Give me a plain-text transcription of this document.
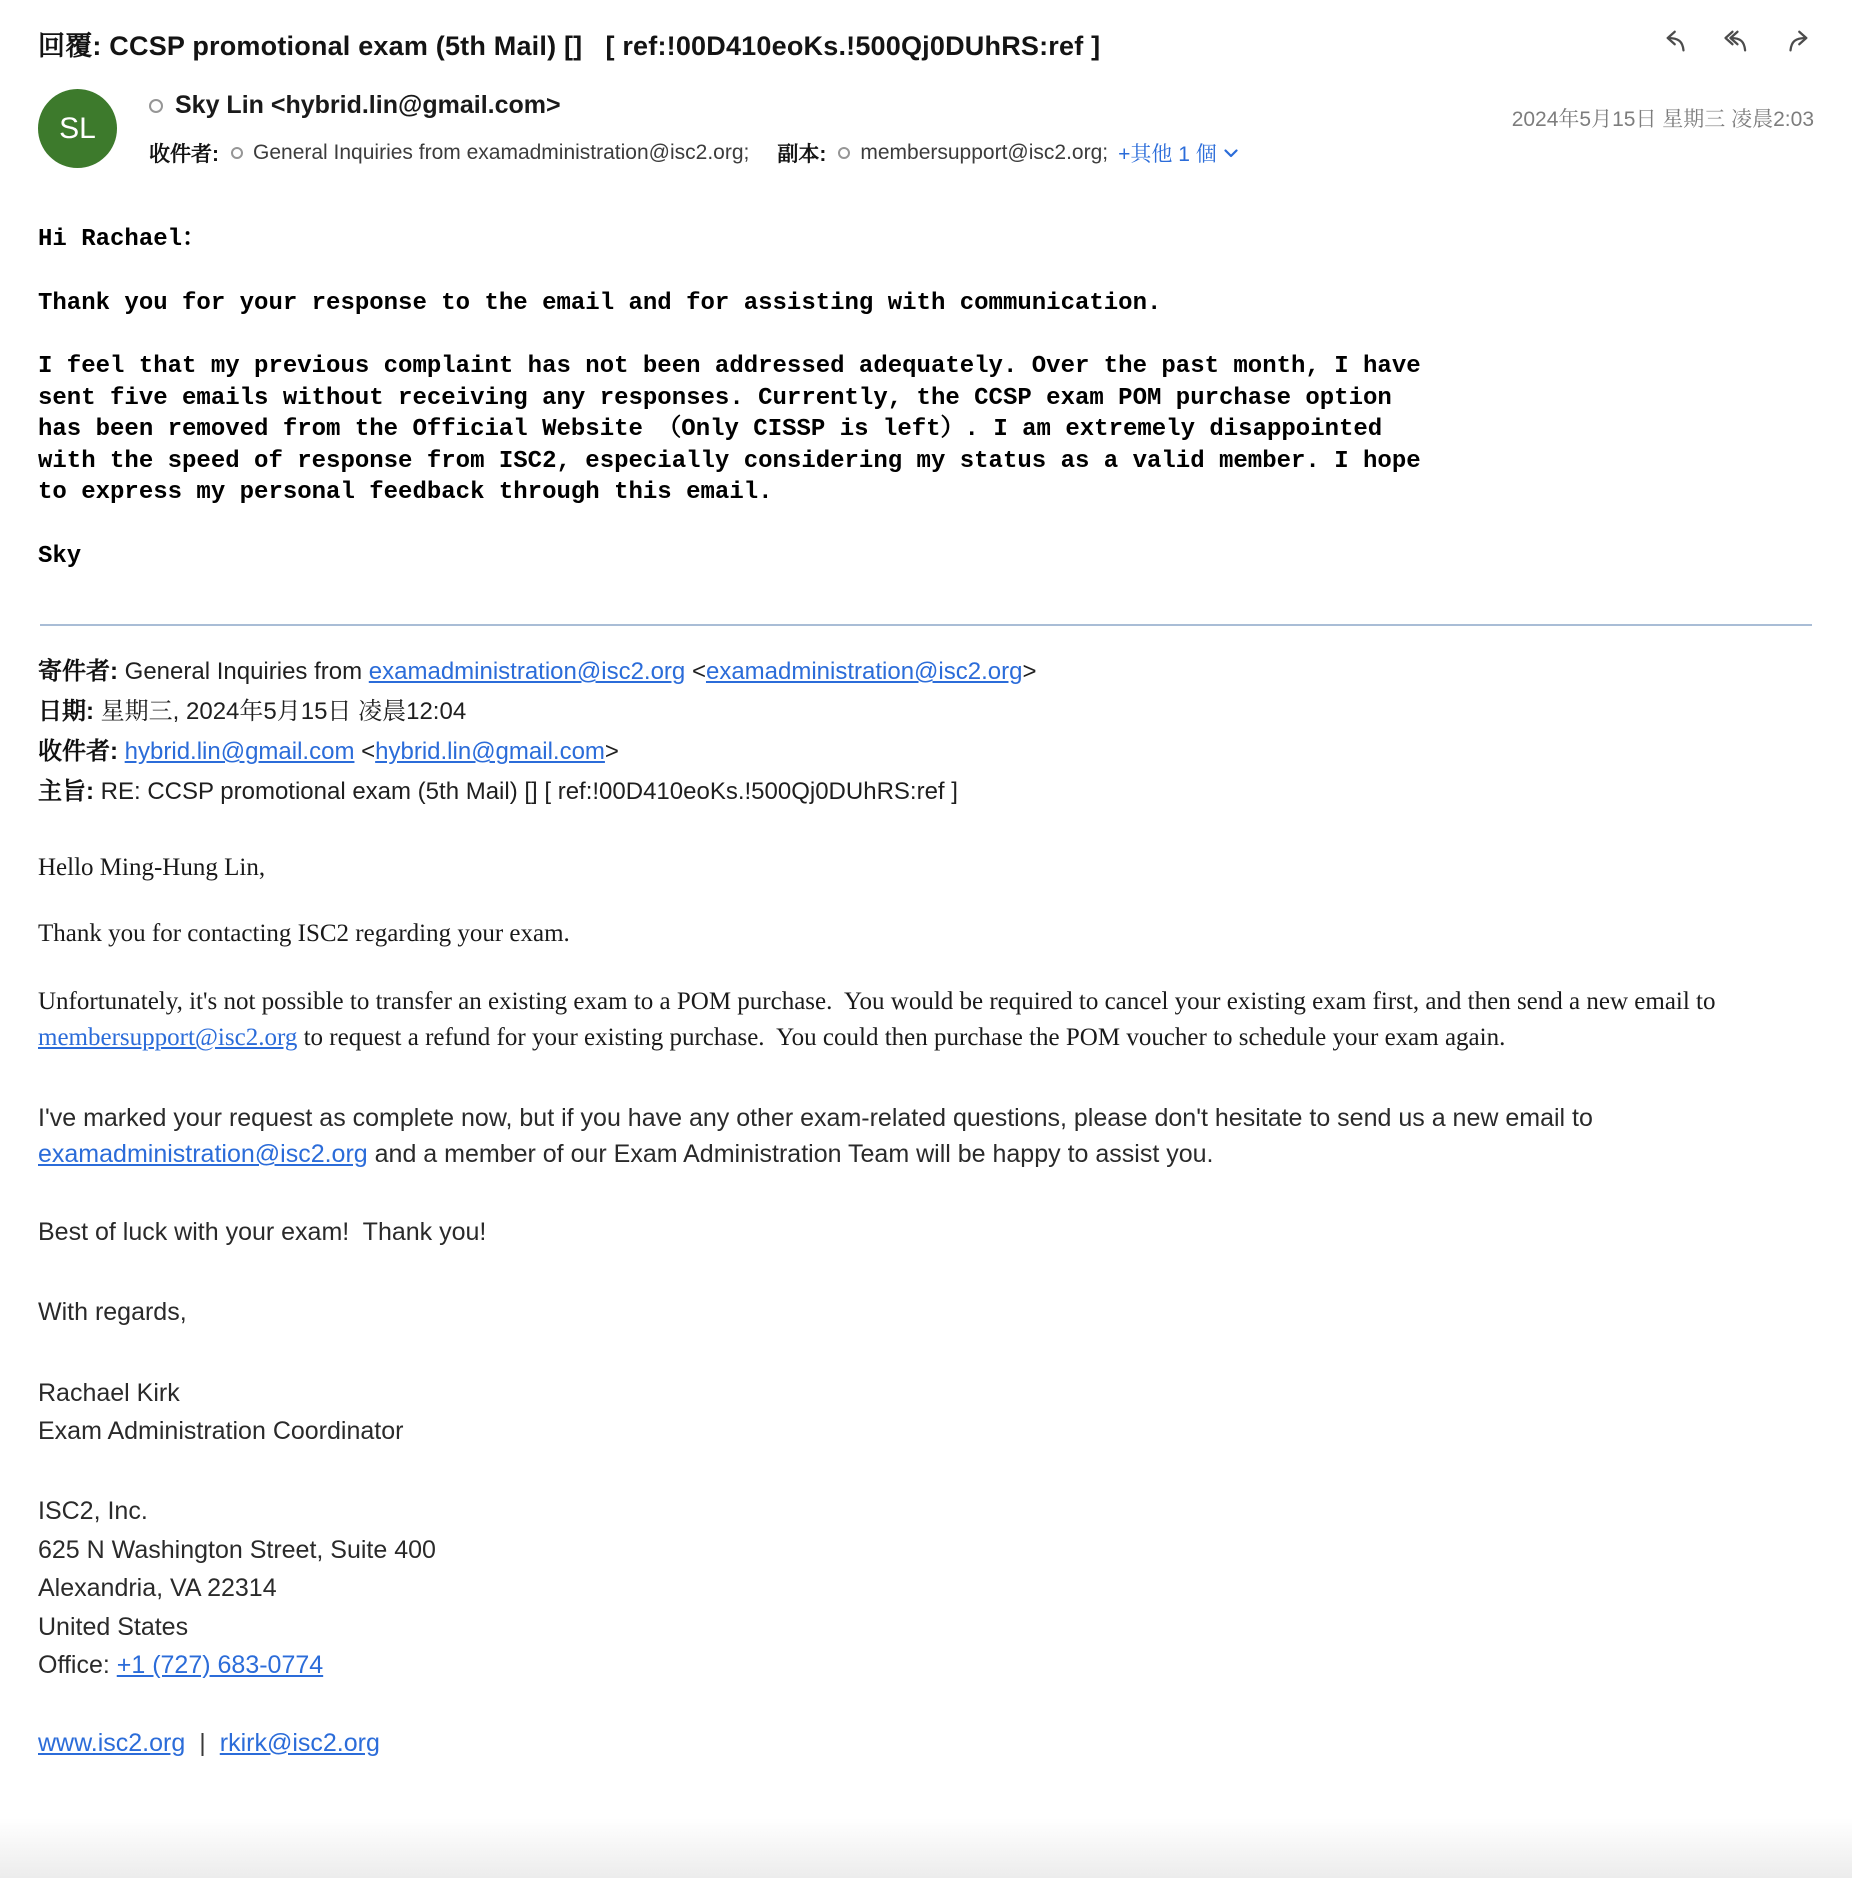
回覆: CCSP promotional exam (5th Mail) []   [ ref:!00D410eoKs.!500Qj0DUhRS:ref ]
SL
Sky Lin <hybrid.lin@gmail.com>
收件者: General Inquiries from examadministration@isc2.org; 副本: membersupport@isc2.org; +其他 1 個
2024年5月15日 星期三 凌晨2:03
Hi Rachael：
Thank you for your response to the email and for assisting with communication.
I feel that my previous complaint has not been addressed adequately. Over the past month, I have
sent five emails without receiving any responses. Currently, the CCSP exam POM purchase option
has been removed from the Official Website （Only CISSP is left）. I am extremely disappointed
with the speed of response from ISC2, especially considering my status as a valid member. I hope
to express my personal feedback through this email.
Sky
寄件者: General Inquiries from examadministration@isc2.org <examadministration@isc2.org>
日期: 星期三, 2024年5月15日 凌晨12:04
收件者: hybrid.lin@gmail.com <hybrid.lin@gmail.com>
主旨: RE: CCSP promotional exam (5th Mail) [] [ ref:!00D410eoKs.!500Qj0DUhRS:ref ]
Hello Ming-Hung Lin,
Thank you for contacting ISC2 regarding your exam.
Unfortunately, it's not possible to transfer an existing exam to a POM purchase.  You would be required to cancel your existing exam first, and then send a new email to membersupport@isc2.org to request a refund for your existing purchase.  You could then purchase the POM voucher to schedule your exam again.
I've marked your request as complete now, but if you have any other exam-related questions, please don't hesitate to send us a new email to examadministration@isc2.org and a member of our Exam Administration Team will be happy to assist you.
Best of luck with your exam!  Thank you!
With regards,
Rachael Kirk
Exam Administration Coordinator
ISC2, Inc.
625 N Washington Street, Suite 400
Alexandria, VA 22314
United States
Office: +1 (727) 683-0774
www.isc2.org | rkirk@isc2.org
